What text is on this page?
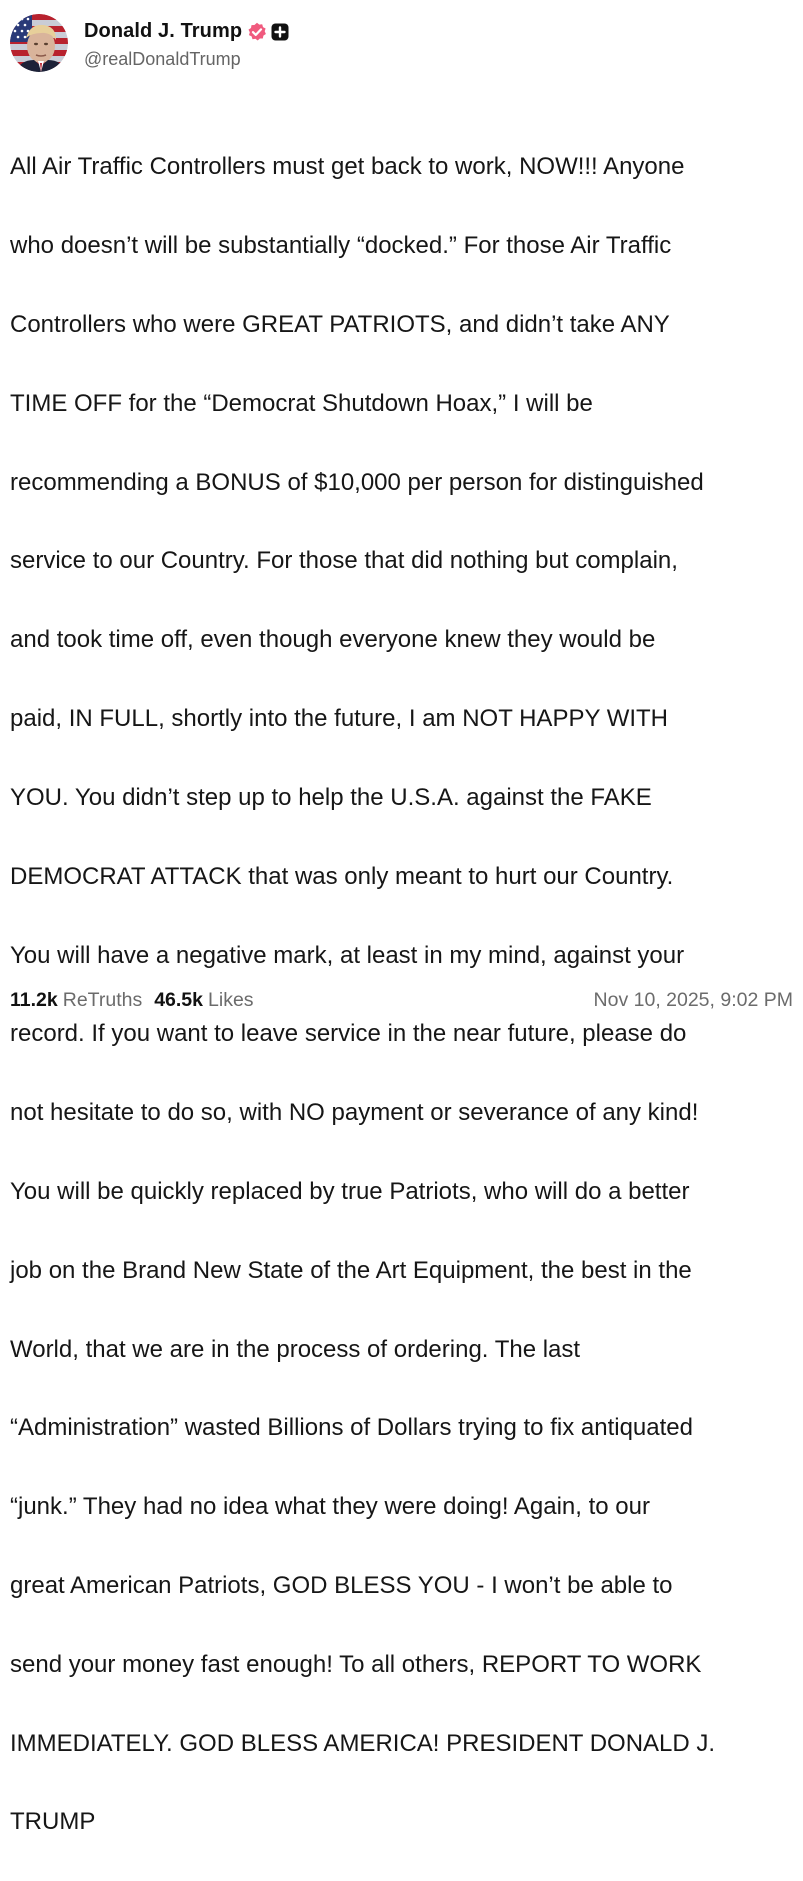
Donald J. Trump
@realDonaldTrump

All Air Traffic Controllers must get back to work, NOW!!! Anyone

who doesn’t will be substantially “docked.” For those Air Traffic

Controllers who were GREAT PATRIOTS, and didn’t take ANY

TIME OFF for the “Democrat Shutdown Hoax,” I will be

recommending a BONUS of $10,000 per person for distinguished

service to our Country. For those that did nothing but complain,

and took time off, even though everyone knew they would be

paid, IN FULL, shortly into the future, I am NOT HAPPY WITH

YOU. You didn’t step up to help the U.S.A. against the FAKE

DEMOCRAT ATTACK that was only meant to hurt our Country.

You will have a negative mark, at least in my mind, against your

record. If you want to leave service in the near future, please do

not hesitate to do so, with NO payment or severance of any kind!

You will be quickly replaced by true Patriots, who will do a better

job on the Brand New State of the Art Equipment, the best in the

World, that we are in the process of ordering. The last

“Administration” wasted Billions of Dollars trying to fix antiquated

“junk.” They had no idea what they were doing! Again, to our

great American Patriots, GOD BLESS YOU - I won’t be able to

send your money fast enough! To all others, REPORT TO WORK

IMMEDIATELY. GOD BLESS AMERICA! PRESIDENT DONALD J.

TRUMP

11.2k ReTruths 46.5k Likes	Nov 10, 2025, 9:02 PM
